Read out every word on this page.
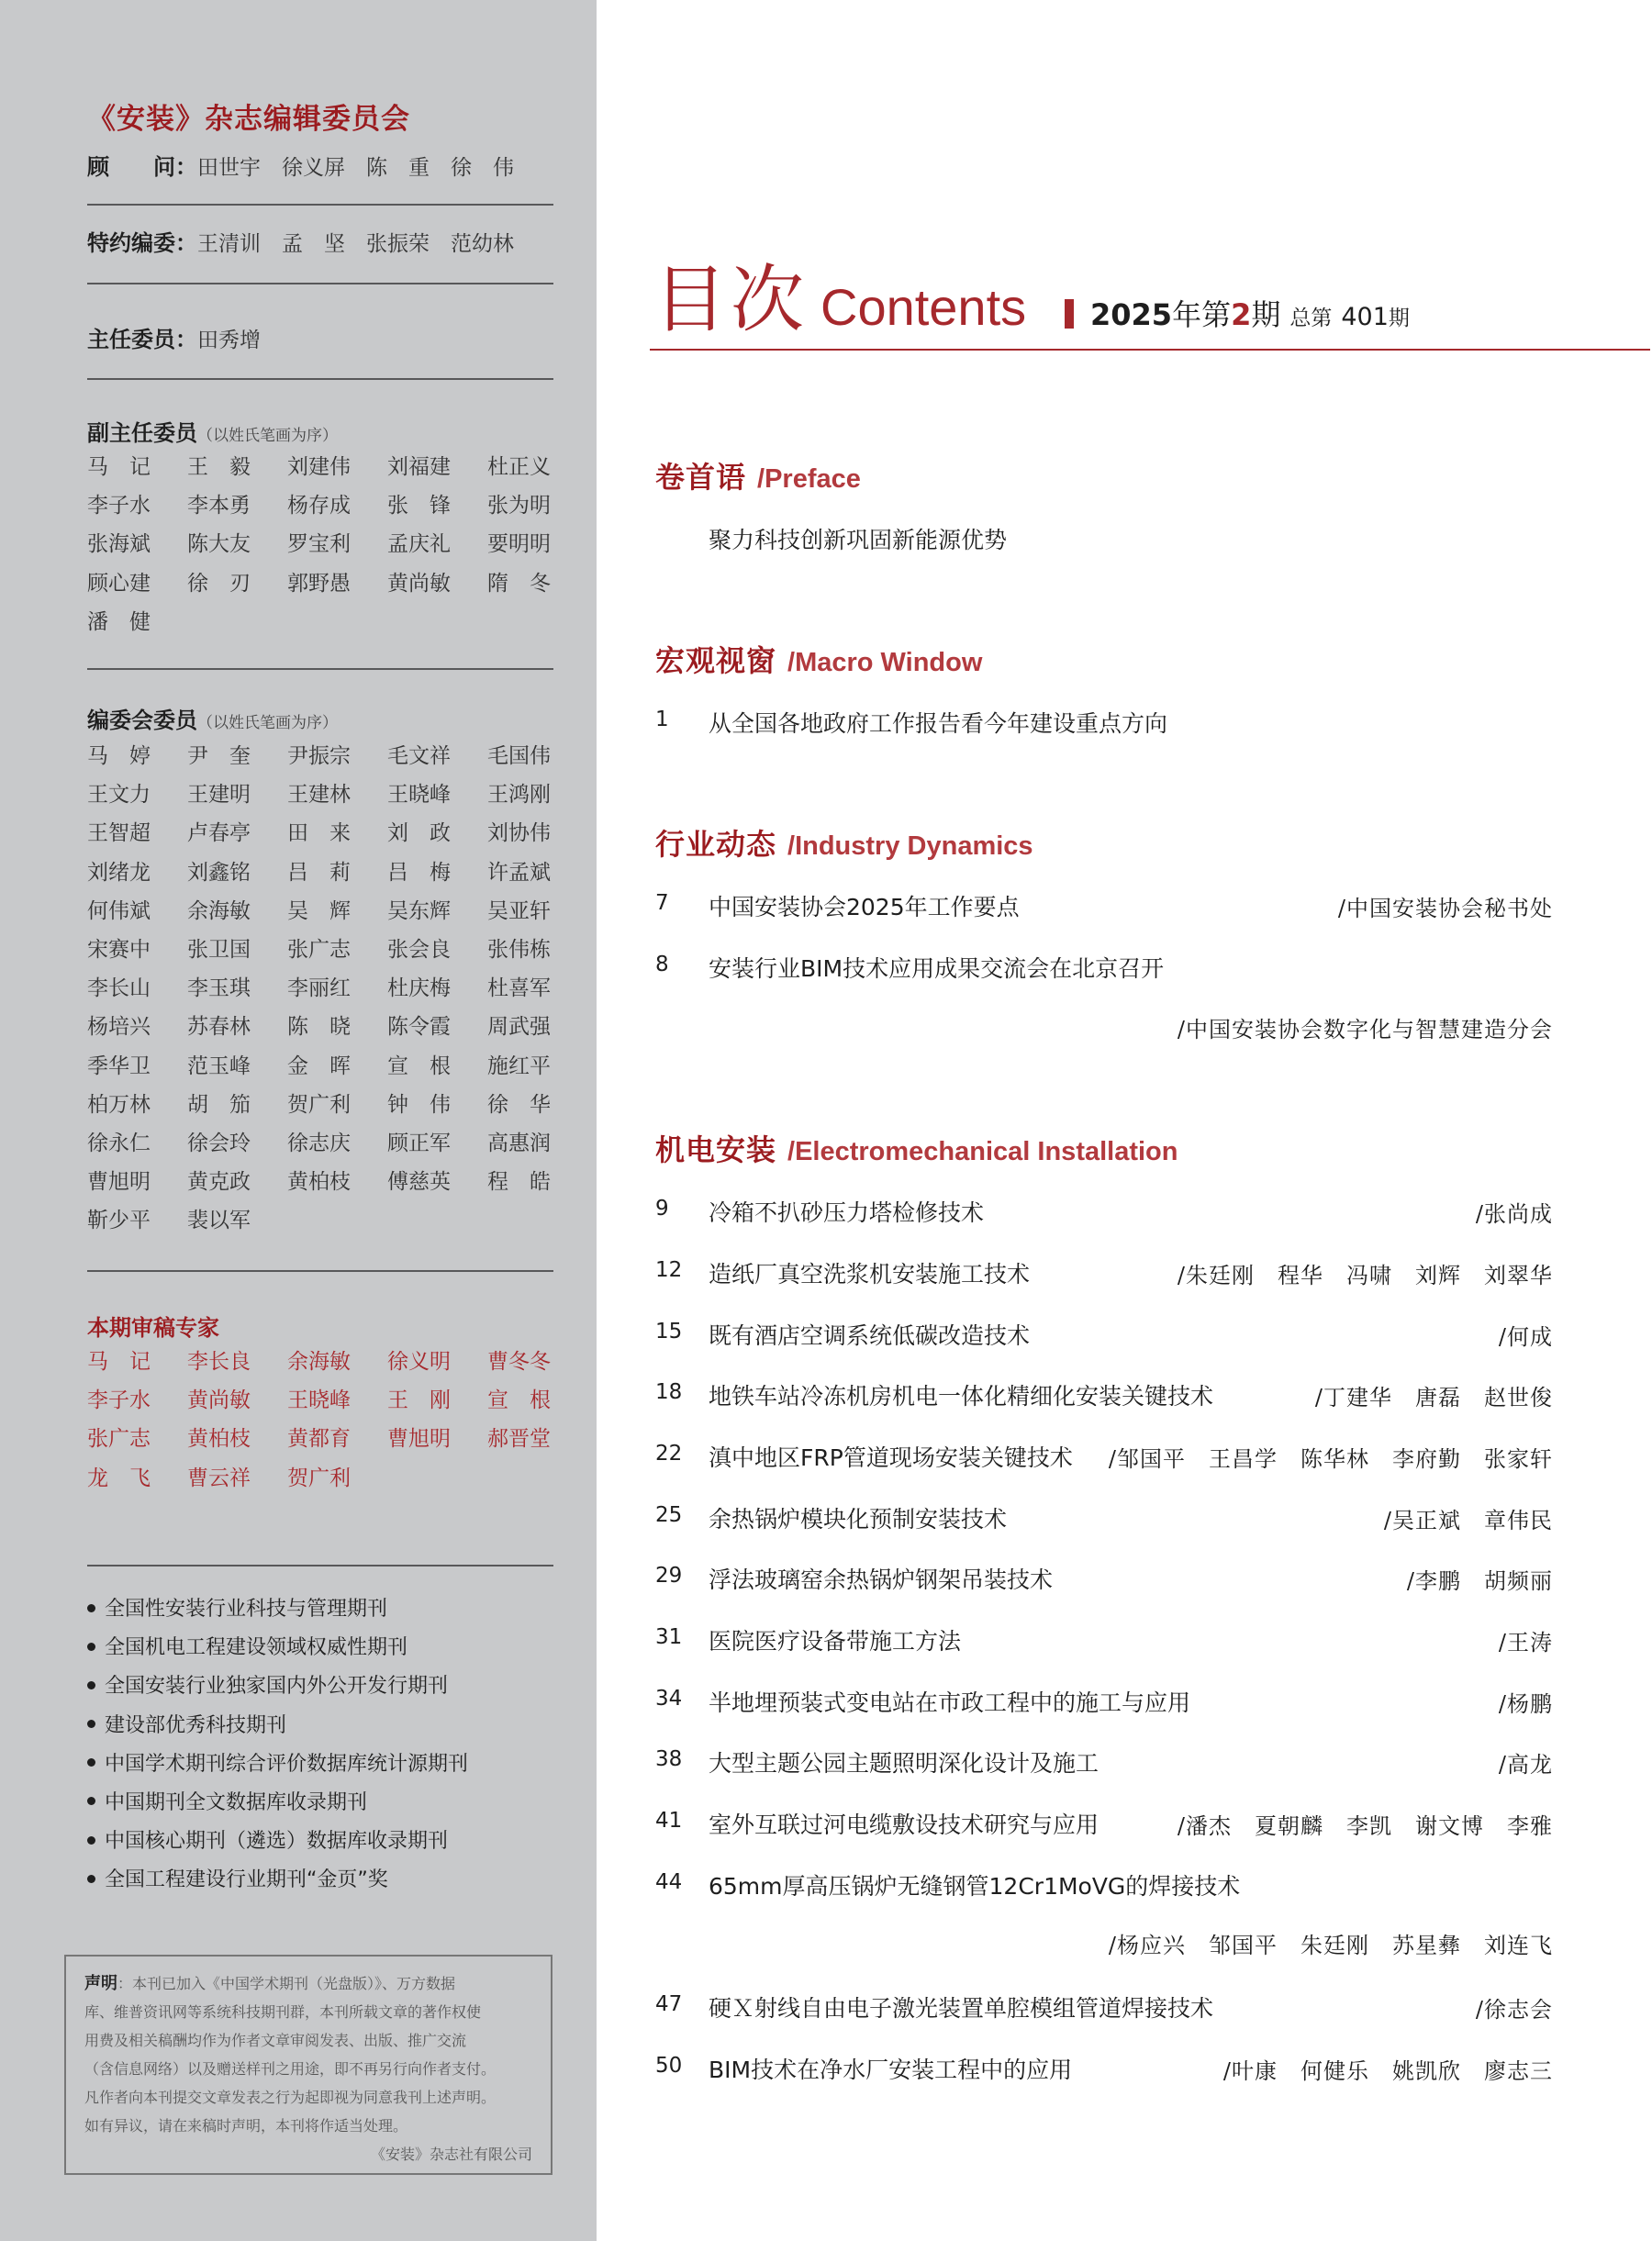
《安装》杂志编辑委员会
顾　　问：田世宇　徐义屏　陈　重　徐　伟
特约编委：王清训　孟　坚　张振荣　范幼林
主任委员：田秀增
副主任委员（以姓氏笔画为序）
马　记	王　毅	刘建伟	刘福建	杜正义
李子水	李本勇	杨存成	张　锋	张为明
张海斌	陈大友	罗宝利	孟庆礼	要明明
顾心建	徐　刃	郭野愚	黄尚敏	隋　冬
潘　健
编委会委员（以姓氏笔画为序）
马　婷	尹　奎	尹振宗	毛文祥	毛国伟
王文力	王建明	王建林	王晓峰	王鸿刚
王智超	卢春亭	田　来	刘　政	刘协伟
刘绪龙	刘鑫铭	吕　莉	吕　梅	许孟斌
何伟斌	余海敏	吴　辉	吴东辉	吴亚轩
宋赛中	张卫国	张广志	张会良	张伟栋
李长山	李玉琪	李丽红	杜庆梅	杜喜军
杨培兴	苏春林	陈　晓	陈令霞	周武强
季华卫	范玉峰	金　晖	宣　根	施红平
柏万林	胡　笳	贺广利	钟　伟	徐　华
徐永仁	徐会玲	徐志庆	顾正军	高惠润
曹旭明	黄克政	黄柏枝	傅慈英	程　皓
靳少平	裴以军
本期审稿专家
马　记	李长良	余海敏	徐义明	曹冬冬
李子水	黄尚敏	王晓峰	王　刚	宣　根
张广志	黄柏枝	黄都育	曹旭明	郝晋堂
龙　飞	曹云祥	贺广利
全国性安装行业科技与管理期刊
全国机电工程建设领域权威性期刊
全国安装行业独家国内外公开发行期刊
建设部优秀科技期刊
中国学术期刊综合评价数据库统计源期刊
中国期刊全文数据库收录期刊
中国核心期刊（遴选）数据库收录期刊
全国工程建设行业期刊“金页”奖
声明：本刊已加入《中国学术期刊（光盘版）》、万方数据
库、维普资讯网等系统科技期刊群，本刊所载文章的著作权使
用费及相关稿酬均作为作者文章审阅发表、出版、推广交流
（含信息网络）以及赠送样刊之用途，即不再另行向作者支付。
凡作者向本刊提交文章发表之行为起即视为同意我刊上述声明。
如有异议，请在来稿时声明，本刊将作适当处理。
《安装》杂志社有限公司
目次 Contents 2025 年第 2 期 总第 401 期
卷首语 /Preface
聚力科技创新巩固新能源优势
宏观视窗 /Macro Window
1 从全国各地政府工作报告看今年建设重点方向
行业动态 /Industry Dynamics
7 中国安装协会2025年工作要点	/中国安装协会秘书处
8 安装行业BIM技术应用成果交流会在北京召开
/中国安装协会数字化与智慧建造分会
机电安装 /Electromechanical Installation
9 冷箱不扒砂压力塔检修技术	/张尚成
12 造纸厂真空洗浆机安装施工技术	/朱廷刚　程华　冯啸　刘辉　刘翠华
15 既有酒店空调系统低碳改造技术	/何成
18 地铁车站冷冻机房机电一体化精细化安装关键技术	/丁建华　唐磊　赵世俊
22 滇中地区FRP管道现场安装关键技术 /邹国平　王昌学　陈华林　李府勤　张家轩
25 余热锅炉模块化预制安装技术	/吴正斌　章伟民
29 浮法玻璃窑余热锅炉钢架吊装技术	/李鹏　胡频丽
31 医院医疗设备带施工方法	/王涛
34 半地埋预装式变电站在市政工程中的施工与应用	/杨鹏
38 大型主题公园主题照明深化设计及施工	/高龙
41 室外互联过河电缆敷设技术研究与应用	/潘杰　夏朝麟　李凯　谢文博　李雅
44 65mm厚高压锅炉无缝钢管12Cr1MoVG的焊接技术
/杨应兴　邹国平　朱廷刚　苏星彝　刘连飞
47 硬Ｘ射线自由电子激光装置单腔模组管道焊接技术	/徐志会
50 BIM技术在净水厂安装工程中的应用	/叶康　何健乐　姚凯欣　廖志三
